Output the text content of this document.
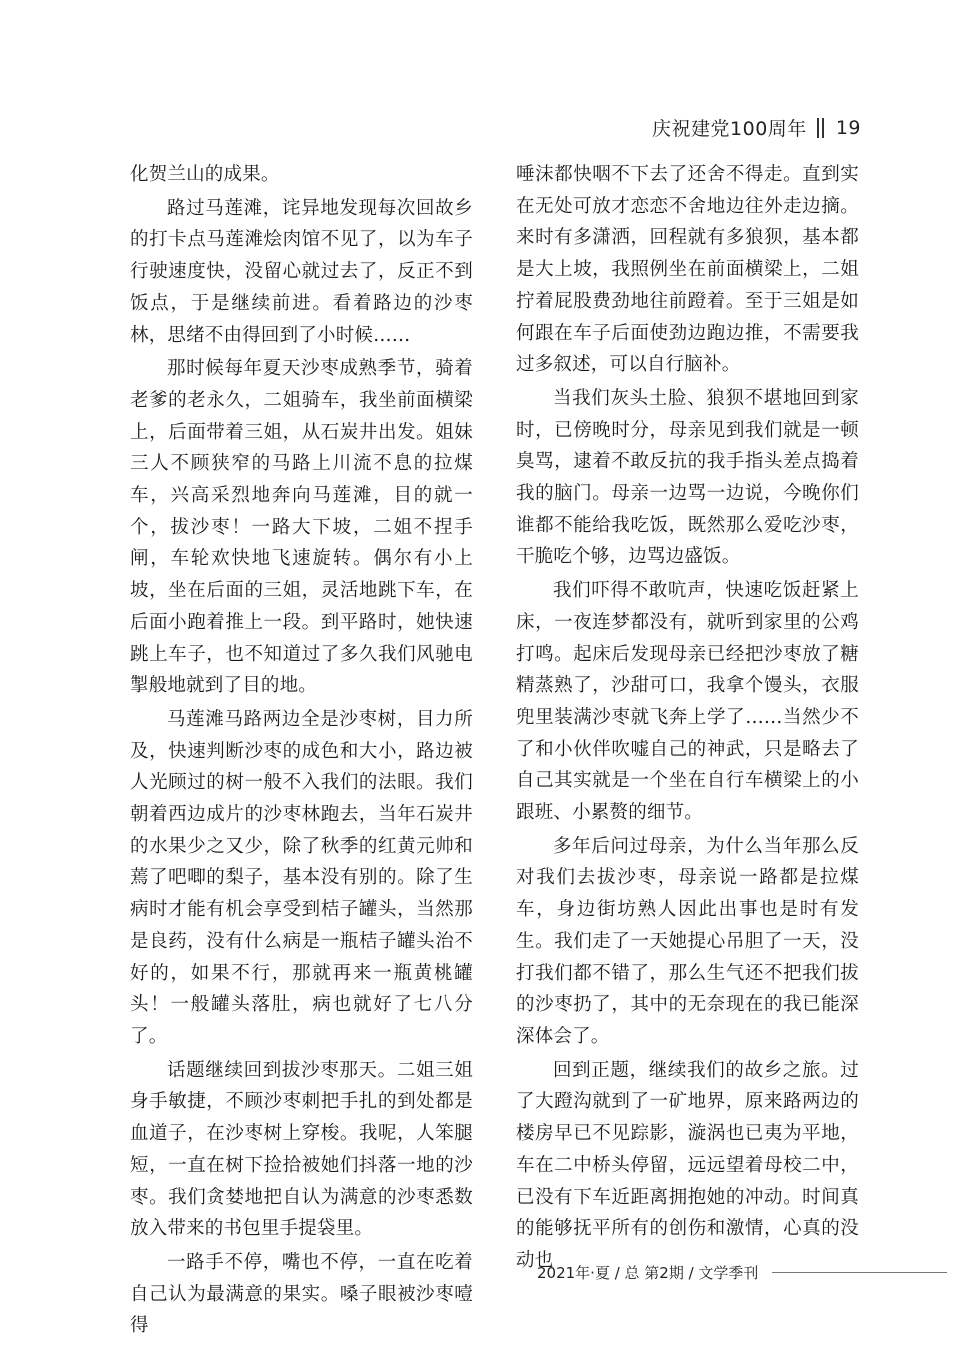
庆祝建党100周年 19

化贺兰山的成果。

路过马莲滩，诧异地发现每次回故乡的打卡点马莲滩烩肉馆不见了，以为车子行驶速度快，没留心就过去了，反正不到饭点，于是继续前进。看着路边的沙枣林，思绪不由得回到了小时候……

那时候每年夏天沙枣成熟季节，骑着老爹的老永久，二姐骑车，我坐前面横梁上，后面带着三姐，从石炭井出发。姐妹三人不顾狭窄的马路上川流不息的拉煤车，兴高采烈地奔向马莲滩，目的就一个，拔沙枣！一路大下坡，二姐不捏手闸，车轮欢快地飞速旋转。偶尔有小上坡，坐在后面的三姐，灵活地跳下车，在后面小跑着推上一段。到平路时，她快速跳上车子，也不知道过了多久我们风驰电掣般地就到了目的地。

马莲滩马路两边全是沙枣树，目力所及，快速判断沙枣的成色和大小，路边被人光顾过的树一般不入我们的法眼。我们朝着西边成片的沙枣林跑去，当年石炭井的水果少之又少，除了秋季的红黄元帅和蔫了吧唧的梨子，基本没有别的。除了生病时才能有机会享受到桔子罐头，当然那是良药，没有什么病是一瓶桔子罐头治不好的，如果不行，那就再来一瓶黄桃罐头！一般罐头落肚，病也就好了七八分了。

话题继续回到拔沙枣那天。二姐三姐身手敏捷，不顾沙枣刺把手扎的到处都是血道子，在沙枣树上穿梭。我呢，人笨腿短，一直在树下捡拾被她们抖落一地的沙枣。我们贪婪地把自认为满意的沙枣悉数放入带来的书包里手提袋里。

一路手不停，嘴也不停，一直在吃着自己认为最满意的果实。嗓子眼被沙枣噎得

唾沫都快咽不下去了还舍不得走。直到实在无处可放才恋恋不舍地边往外走边摘。来时有多潇洒，回程就有多狼狈，基本都是大上坡，我照例坐在前面横梁上，二姐拧着屁股费劲地往前蹬着。至于三姐是如何跟在车子后面使劲边跑边推，不需要我过多叙述，可以自行脑补。

当我们灰头土脸、狼狈不堪地回到家时，已傍晚时分，母亲见到我们就是一顿臭骂，逮着不敢反抗的我手指头差点捣着我的脑门。母亲一边骂一边说，今晚你们谁都不能给我吃饭，既然那么爱吃沙枣，干脆吃个够，边骂边盛饭。

我们吓得不敢吭声，快速吃饭赶紧上床，一夜连梦都没有，就听到家里的公鸡打鸣。起床后发现母亲已经把沙枣放了糖精蒸熟了，沙甜可口，我拿个馒头，衣服兜里装满沙枣就飞奔上学了……当然少不了和小伙伴吹嘘自己的神武，只是略去了自己其实就是一个坐在自行车横梁上的小跟班、小累赘的细节。

多年后问过母亲，为什么当年那么反对我们去拔沙枣，母亲说一路都是拉煤车，身边街坊熟人因此出事也是时有发生。我们走了一天她提心吊胆了一天，没打我们都不错了，那么生气还不把我们拔的沙枣扔了，其中的无奈现在的我已能深深体会了。

回到正题，继续我们的故乡之旅。过了大蹬沟就到了一矿地界，原来路两边的楼房早已不见踪影，漩涡也已夷为平地，车在二中桥头停留，远远望着母校二中，已没有下车近距离拥抱她的冲动。时间真的能够抚平所有的创伤和激情，心真的没动也

2021年·夏 / 总 第2期 / 文学季刊
